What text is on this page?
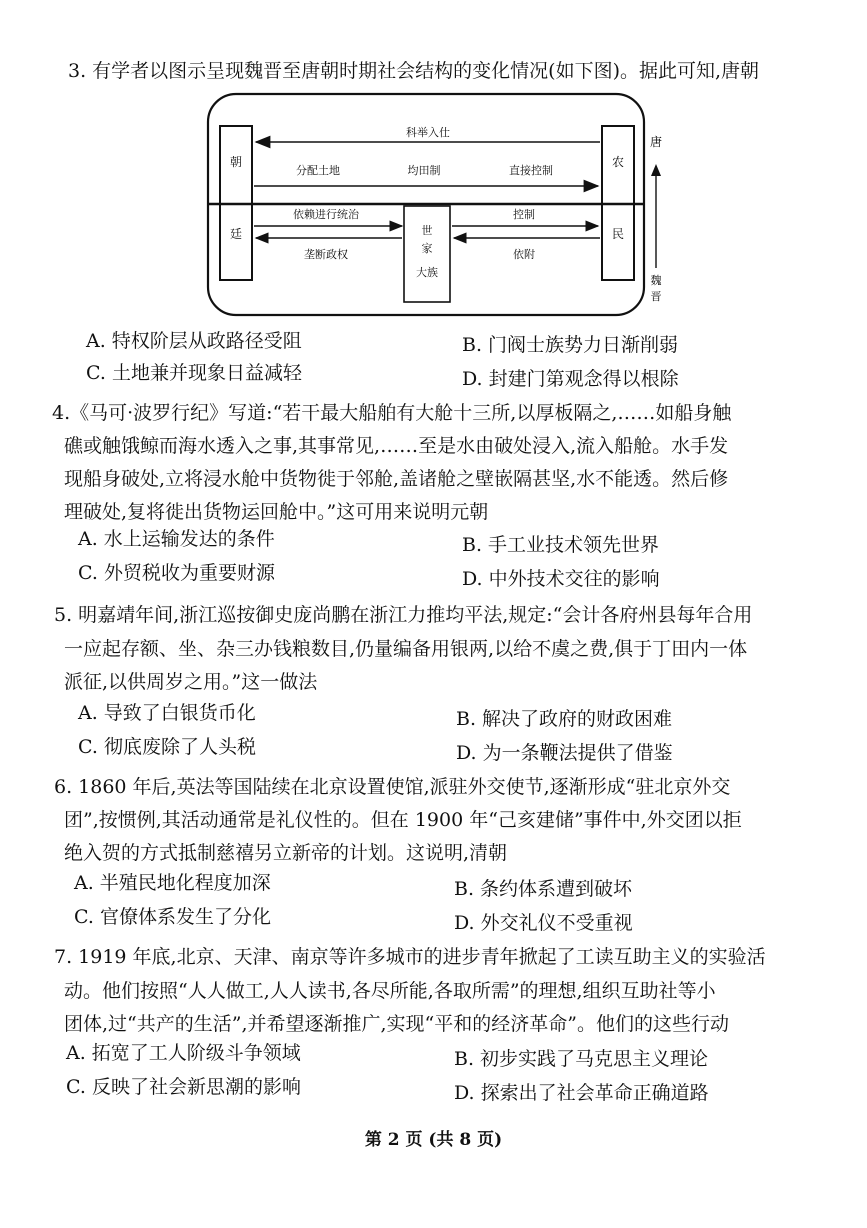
3. 有学者以图示呈现魏晋至唐朝时期社会结构的变化情况(如下图)。据此可知,唐朝
朝
廷
农
民
科举入仕
分配土地	均田制	直接控制
世
家
大族
依赖进行统治
垄断政权
控制
依附
唐
魏
晋
A. 特权阶层从政路径受阻	B. 门阀士族势力日渐削弱
C. 土地兼并现象日益减轻	D. 封建门第观念得以根除
4.《马可·波罗行纪》写道:“若干最大船舶有大舱十三所,以厚板隔之,……如船身触
礁或触饿鲸而海水透入之事,其事常见,……至是水由破处浸入,流入船舱。水手发
现船身破处,立将浸水舱中货物徙于邻舱,盖诸舱之壁嵌隔甚坚,水不能透。然后修
理破处,复将徙出货物运回舱中。”这可用来说明元朝
A. 水上运输发达的条件	B. 手工业技术领先世界
C. 外贸税收为重要财源	D. 中外技术交往的影响
5. 明嘉靖年间,浙江巡按御史庞尚鹏在浙江力推均平法,规定:“会计各府州县每年合用
一应起存额、坐、杂三办钱粮数目,仍量编备用银两,以给不虞之费,俱于丁田内一体
派征,以供周岁之用。”这一做法
A. 导致了白银货币化	B. 解决了政府的财政困难
C. 彻底废除了人头税	D. 为一条鞭法提供了借鉴
6. 1860 年后,英法等国陆续在北京设置使馆,派驻外交使节,逐渐形成“驻北京外交
团”,按惯例,其活动通常是礼仪性的。但在 1900 年“己亥建储”事件中,外交团以拒
绝入贺的方式抵制慈禧另立新帝的计划。这说明,清朝
A. 半殖民地化程度加深	B. 条约体系遭到破坏
C. 官僚体系发生了分化	D. 外交礼仪不受重视
7. 1919 年底,北京、天津、南京等许多城市的进步青年掀起了工读互助主义的实验活
动。他们按照“人人做工,人人读书,各尽所能,各取所需”的理想,组织互助社等小
团体,过“共产的生活”,并希望逐渐推广,实现“平和的经济革命”。他们的这些行动
A. 拓宽了工人阶级斗争领域	B. 初步实践了马克思主义理论
C. 反映了社会新思潮的影响	D. 探索出了社会革命正确道路
第 2 页 (共 8 页)
